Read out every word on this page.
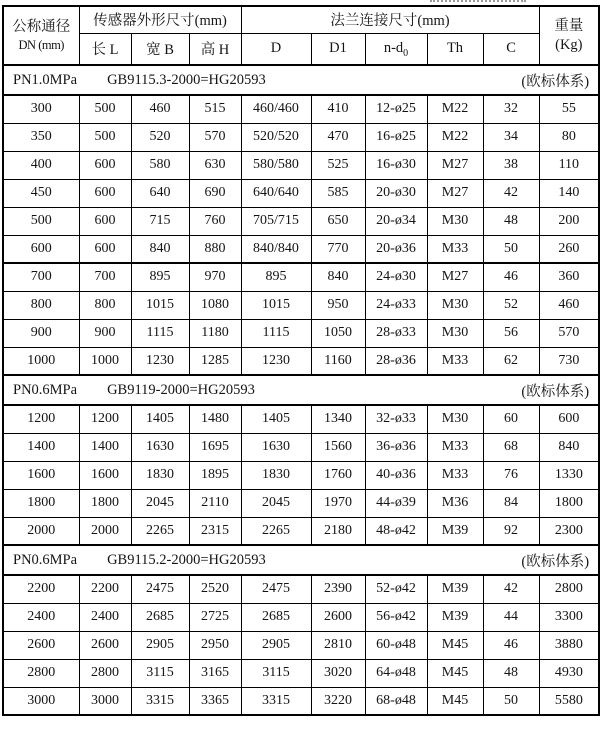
公称通径
DN (mm)	传感器外形尺寸(mm)			法兰连接尺寸(mm)					重量
(Kg)

	长 L	宽 B	高 H	D	D1	$n-d_0$	Th	C	

PN1.0MPa GB9115.3-2000=HG20593 (欧标体系)									

300	500	460	515	460/460	410	12-ø25	M22	32	55
350	500	520	570	520/520	470	16-ø25	M22	34	80
400	600	580	630	580/580	525	16-ø30	M27	38	110
450	600	640	690	640/640	585	20-ø30	M27	42	140
500	600	715	760	705/715	650	20-ø34	M30	48	200
600	600	840	880	840/840	770	20-ø36	M33	50	260
700	700	895	970	895	840	24-ø30	M27	46	360
800	800	1015	1080	1015	950	24-ø33	M30	52	460
900	900	1115	1180	1115	1050	28-ø33	M30	56	570
1000	1000	1230	1285	1230	1160	28-ø36	M33	62	730

PN0.6MPa GB9119-2000=HG20593 (欧标体系)									

1200	1200	1405	1480	1405	1340	32-ø33	M30	60	600
1400	1400	1630	1695	1630	1560	36-ø36	M33	68	840
1600	1600	1830	1895	1830	1760	40-ø36	M33	76	1330
1800	1800	2045	2110	2045	1970	44-ø39	M36	84	1800
2000	2000	2265	2315	2265	2180	48-ø42	M39	92	2300

PN0.6MPa GB9115.2-2000=HG20593 (欧标体系)									

2200	2200	2475	2520	2475	2390	52-ø42	M39	42	2800
2400	2400	2685	2725	2685	2600	56-ø42	M39	44	3300
2600	2600	2905	2950	2905	2810	60-ø48	M45	46	3880
2800	2800	3115	3165	3115	3020	64-ø48	M45	48	4930
3000	3000	3315	3365	3315	3220	68-ø48	M45	50	5580
